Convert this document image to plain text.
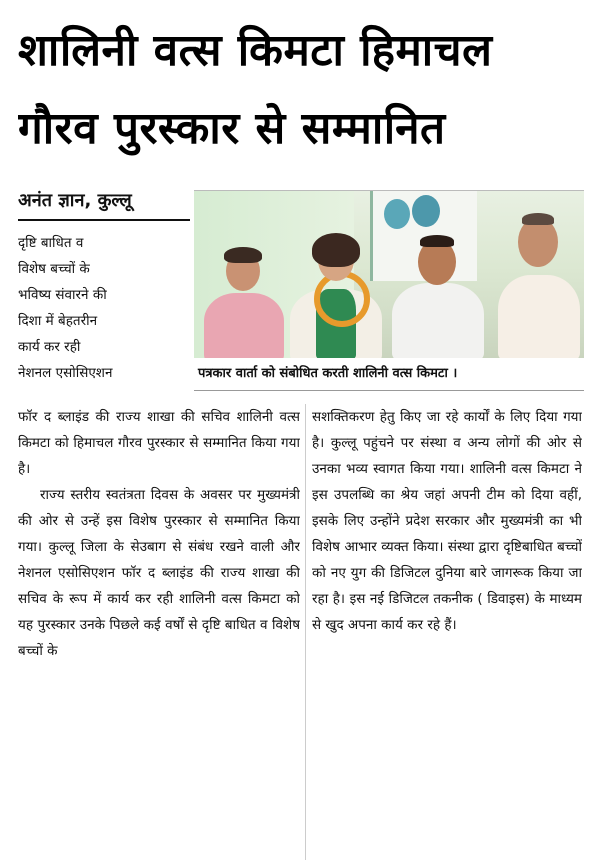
शालिनी वत्स किमटा हिमाचल
गौरव पुरस्कार से सम्मानित
अनंत ज्ञान, कुल्लू
दृष्टि बाधित व
विशेष बच्चों के
भविष्य संवारने की
दिशा में बेहतरीन
कार्य कर रही
नेशनल एसोसिएशन	पत्रकार वार्ता को संबोधित करती शालिनी वत्स किमटा ।

फॉर द ब्लाइंड की राज्य शाखा की सचिव शालिनी वत्स किमटा को हिमाचल गौरव पुरस्कार से सम्मानित किया गया है।

राज्य स्तरीय स्वतंत्रता दिवस के अवसर पर मुख्यमंत्री की ओर से उन्हें इस विशेष पुरस्कार से सम्मानित किया गया। कुल्लू जिला के सेउबाग से संबंध रखने वाली और नेशनल एसोसिएशन फॉर द ब्लाइंड की राज्य शाखा की सचिव के रूप में कार्य कर रही शालिनी वत्स किमटा को यह पुरस्कार उनके पिछले कई वर्षों से दृष्टि बाधित व विशेष बच्चों के

सशक्तिकरण हेतु किए जा रहे कार्यों के लिए दिया गया है। कुल्लू पहुंचने पर संस्था व अन्य लोगों की ओर से उनका भव्य स्वागत किया गया। शालिनी वत्स किमटा ने इस उपलब्धि का श्रेय जहां अपनी टीम को दिया वहीं, इसके लिए उन्होंने प्रदेश सरकार और मुख्यमंत्री का भी विशेष आभार व्यक्त किया। संस्था द्वारा दृष्टिबाधित बच्चों को नए युग की डिजिटल दुनिया बारे जागरूक किया जा रहा है। इस नई डिजिटल तकनीक ( डिवाइस) के माध्यम से खुद अपना कार्य कर रहे हैं।
